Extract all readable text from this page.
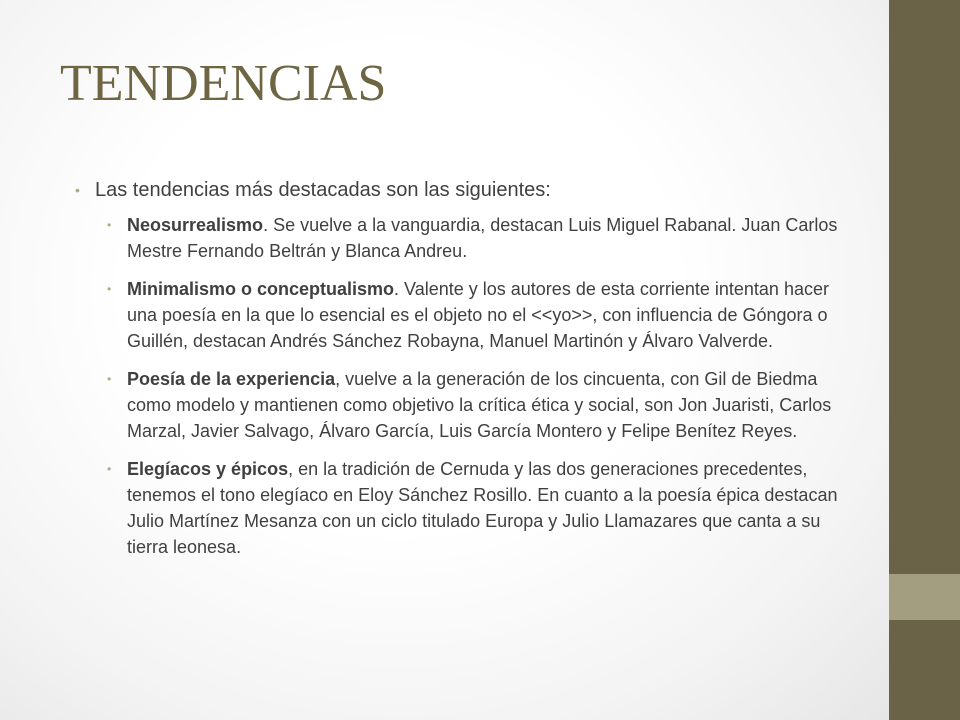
TENDENCIAS
• Las tendencias más destacadas son las siguientes:
• Neosurrealismo. Se vuelve a la vanguardia, destacan Luis Miguel Rabanal. Juan Carlos Mestre Fernando Beltrán y Blanca Andreu.
• Minimalismo o conceptualismo. Valente y los autores de esta corriente intentan hacer una poesía en la que lo esencial es el objeto no el <<yo>>, con influencia de Góngora o Guillén, destacan Andrés Sánchez Robayna, Manuel Martinón y Álvaro Valverde.
• Poesía de la experiencia, vuelve a la generación de los cincuenta, con Gil de Biedma como modelo y mantienen como objetivo la crítica ética y social, son Jon Juaristi, Carlos Marzal, Javier Salvago, Álvaro García, Luis García Montero y Felipe Benítez Reyes.
• Elegíacos y épicos, en la tradición de Cernuda y las dos generaciones precedentes, tenemos el tono elegíaco en Eloy Sánchez Rosillo. En cuanto a la poesía épica destacan Julio Martínez Mesanza con un ciclo titulado Europa y Julio Llamazares que canta a su tierra leonesa.
